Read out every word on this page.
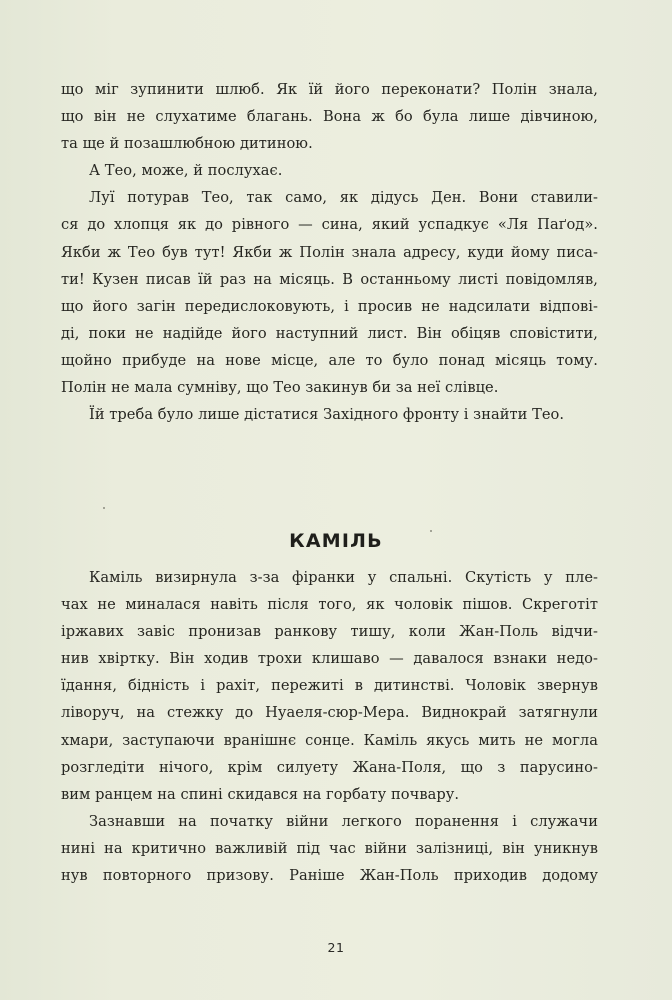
що міг зупинити шлюб. Як їй його переконати? Полін знала,
що він не слухатиме благань. Вона ж бо була лише дівчиною,
та ще й позашлюбною дитиною.

А Тео, може, й послухає.

Луї потурав Тео, так само, як дідусь Ден. Вони ставили-
ся до хлопця як до рівного — сина, який успадкує «Ля Паґод».
Якби ж Тео був тут! Якби ж Полін знала адресу, куди йому писа-
ти! Кузен писав їй раз на місяць. В останньому листі повідомляв,
що його загін передислоковують, і просив не надсилати відпові-
ді, поки не надійде його наступний лист. Він обіцяв сповістити,
щойно прибуде на нове місце, але то було понад місяць тому.
Полін не мала сумніву, що Тео закинув би за неї слівце.

Їй треба було лише дістатися Західного фронту і знайти Тео.

КАМІЛЬ

Каміль визирнула з-за фіранки у спальні. Скутість у пле-
чах не миналася навіть після того, як чоловік пішов. Скреготіт
іржавих завіс пронизав ранкову тишу, коли Жан-Поль відчи-
нив хвіртку. Він ходив трохи клишаво — давалося взнаки недо-
їдання, бідність і рахіт, пережиті в дитинстві. Чоловік звернув
ліворуч, на стежку до Нуаеля-сюр-Мера. Виднокрай затягнули
хмари, заступаючи вранішнє сонце. Каміль якусь мить не могла
розгледіти нічого, крім силуету Жана-Поля, що з парусино-
вим ранцем на спині скидався на горбату почвару.

Зазнавши на початку війни легкого поранення і служачи
нині на критично важливій під час війни залізниці, він уникнув
нув повторного призову. Раніше Жан-Поль приходив додому

21
